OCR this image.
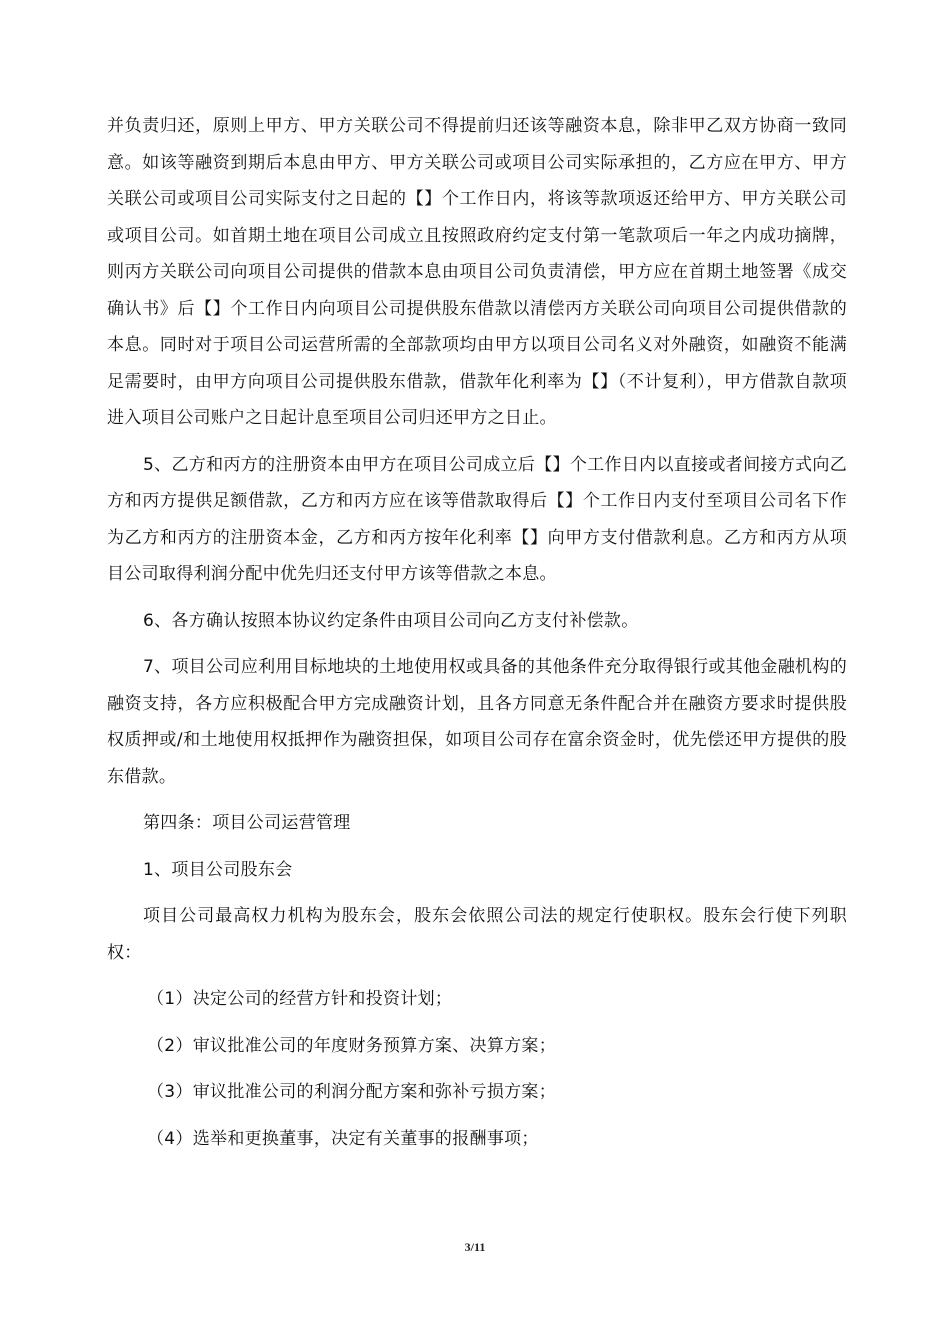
并负责归还，原则上甲方、甲方关联公司不得提前归还该等融资本息，除非甲乙双方协商一致同意。如该等融资到期后本息由甲方、甲方关联公司或项目公司实际承担的，乙方应在甲方、甲方关联公司或项目公司实际支付之日起的【】个工作日内，将该等款项返还给甲方、甲方关联公司或项目公司。如首期土地在项目公司成立且按照政府约定支付第一笔款项后一年之内成功摘牌，则丙方关联公司向项目公司提供的借款本息由项目公司负责清偿，甲方应在首期土地签署《成交确认书》后【】个工作日内向项目公司提供股东借款以清偿丙方关联公司向项目公司提供借款的本息。同时对于项目公司运营所需的全部款项均由甲方以项目公司名义对外融资，如融资不能满足需要时，由甲方向项目公司提供股东借款，借款年化利率为【】（不计复利），甲方借款自款项进入项目公司账户之日起计息至项目公司归还甲方之日止。

5、乙方和丙方的注册资本由甲方在项目公司成立后【】个工作日内以直接或者间接方式向乙方和丙方提供足额借款，乙方和丙方应在该等借款取得后【】个工作日内支付至项目公司名下作为乙方和丙方的注册资本金，乙方和丙方按年化利率【】向甲方支付借款利息。乙方和丙方从项目公司取得利润分配中优先归还支付甲方该等借款之本息。

6、各方确认按照本协议约定条件由项目公司向乙方支付补偿款。

7、项目公司应利用目标地块的土地使用权或具备的其他条件充分取得银行或其他金融机构的融资支持，各方应积极配合甲方完成融资计划，且各方同意无条件配合并在融资方要求时提供股权质押或/和土地使用权抵押作为融资担保，如项目公司存在富余资金时，优先偿还甲方提供的股东借款。

第四条：项目公司运营管理

1、项目公司股东会

项目公司最高权力机构为股东会，股东会依照公司法的规定行使职权。股东会行使下列职权：

（1）决定公司的经营方针和投资计划；

（2）审议批准公司的年度财务预算方案、决算方案；

（3）审议批准公司的利润分配方案和弥补亏损方案；

（4）选举和更换董事，决定有关董事的报酬事项；

3/11
